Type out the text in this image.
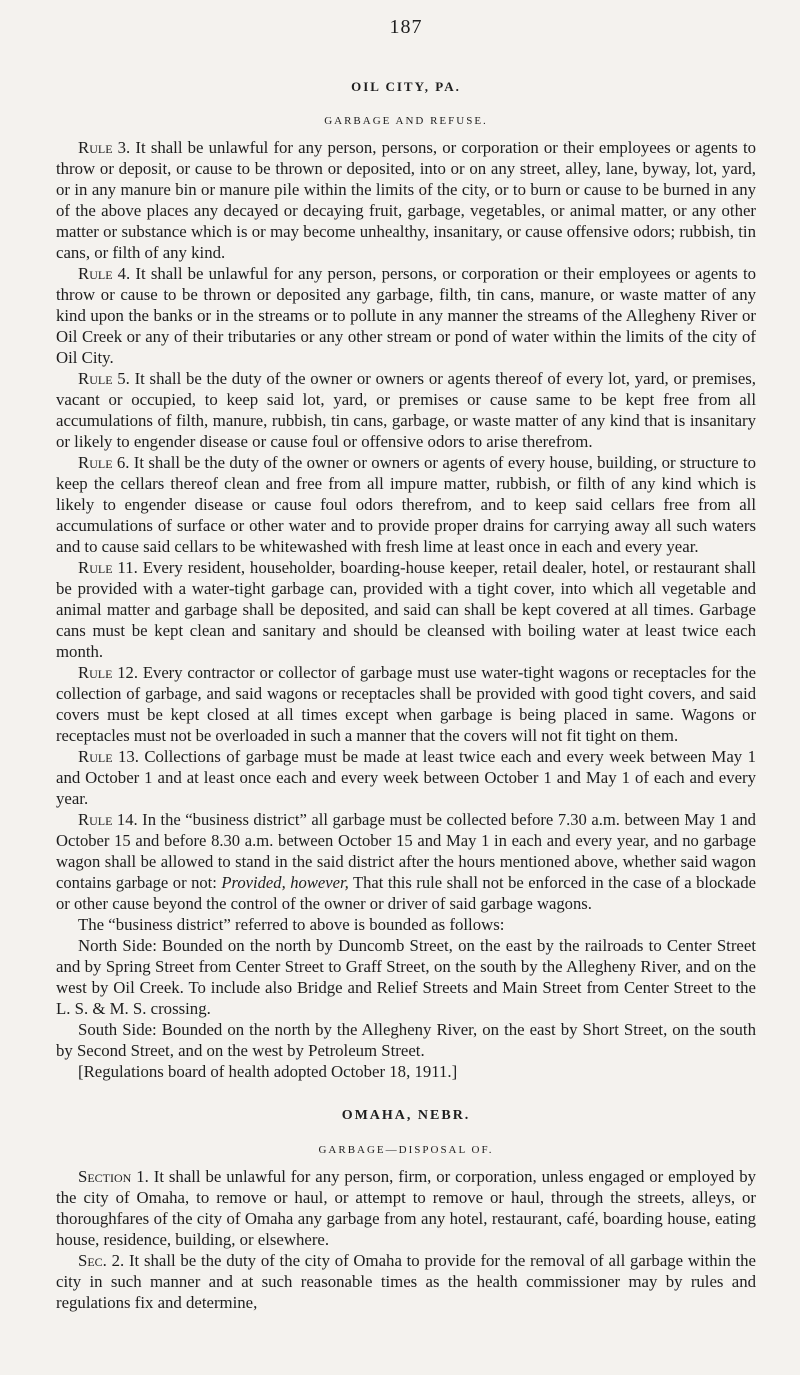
187
OIL CITY, PA.
GARBAGE AND REFUSE.

Rule 3. It shall be unlawful for any person, persons, or corporation or their employees or agents to throw or deposit, or cause to be thrown or deposited, into or on any street, alley, lane, byway, lot, yard, or in any manure bin or manure pile within the limits of the city, or to burn or cause to be burned in any of the above places any decayed or decaying fruit, garbage, vegetables, or animal matter, or any other matter or substance which is or may become unhealthy, insanitary, or cause offensive odors; rubbish, tin cans, or filth of any kind.

Rule 4. It shall be unlawful for any person, persons, or corporation or their employees or agents to throw or cause to be thrown or deposited any garbage, filth, tin cans, manure, or waste matter of any kind upon the banks or in the streams or to pollute in any manner the streams of the Allegheny River or Oil Creek or any of their tributaries or any other stream or pond of water within the limits of the city of Oil City.

Rule 5. It shall be the duty of the owner or owners or agents thereof of every lot, yard, or premises, vacant or occupied, to keep said lot, yard, or premises or cause same to be kept free from all accumulations of filth, manure, rubbish, tin cans, garbage, or waste matter of any kind that is insanitary or likely to engender disease or cause foul or offensive odors to arise therefrom.

Rule 6. It shall be the duty of the owner or owners or agents of every house, building, or structure to keep the cellars thereof clean and free from all impure matter, rubbish, or filth of any kind which is likely to engender disease or cause foul odors therefrom, and to keep said cellars free from all accumulations of surface or other water and to provide proper drains for carrying away all such waters and to cause said cellars to be whitewashed with fresh lime at least once in each and every year.

Rule 11. Every resident, householder, boarding-house keeper, retail dealer, hotel, or restaurant shall be provided with a water-tight garbage can, provided with a tight cover, into which all vegetable and animal matter and garbage shall be deposited, and said can shall be kept covered at all times. Garbage cans must be kept clean and sanitary and should be cleansed with boiling water at least twice each month.

Rule 12. Every contractor or collector of garbage must use water-tight wagons or receptacles for the collection of garbage, and said wagons or receptacles shall be provided with good tight covers, and said covers must be kept closed at all times except when garbage is being placed in same. Wagons or receptacles must not be overloaded in such a manner that the covers will not fit tight on them.

Rule 13. Collections of garbage must be made at least twice each and every week between May 1 and October 1 and at least once each and every week between October 1 and May 1 of each and every year.

Rule 14. In the “business district” all garbage must be collected before 7.30 a.m. between May 1 and October 15 and before 8.30 a.m. between October 15 and May 1 in each and every year, and no garbage wagon shall be allowed to stand in the said district after the hours mentioned above, whether said wagon contains garbage or not: Provided, however, That this rule shall not be enforced in the case of a blockade or other cause beyond the control of the owner or driver of said garbage wagons.

The “business district” referred to above is bounded as follows:

North Side: Bounded on the north by Duncomb Street, on the east by the railroads to Center Street and by Spring Street from Center Street to Graff Street, on the south by the Allegheny River, and on the west by Oil Creek. To include also Bridge and Relief Streets and Main Street from Center Street to the L. S. & M. S. crossing.

South Side: Bounded on the north by the Allegheny River, on the east by Short Street, on the south by Second Street, and on the west by Petroleum Street.

[Regulations board of health adopted October 18, 1911.]

OMAHA, NEBR.
GARBAGE—DISPOSAL OF.

Section 1. It shall be unlawful for any person, firm, or corporation, unless engaged or employed by the city of Omaha, to remove or haul, or attempt to remove or haul, through the streets, alleys, or thoroughfares of the city of Omaha any garbage from any hotel, restaurant, café, boarding house, eating house, residence, building, or elsewhere.

Sec. 2. It shall be the duty of the city of Omaha to provide for the removal of all garbage within the city in such manner and at such reasonable times as the health commissioner may by rules and regulations fix and determine,
